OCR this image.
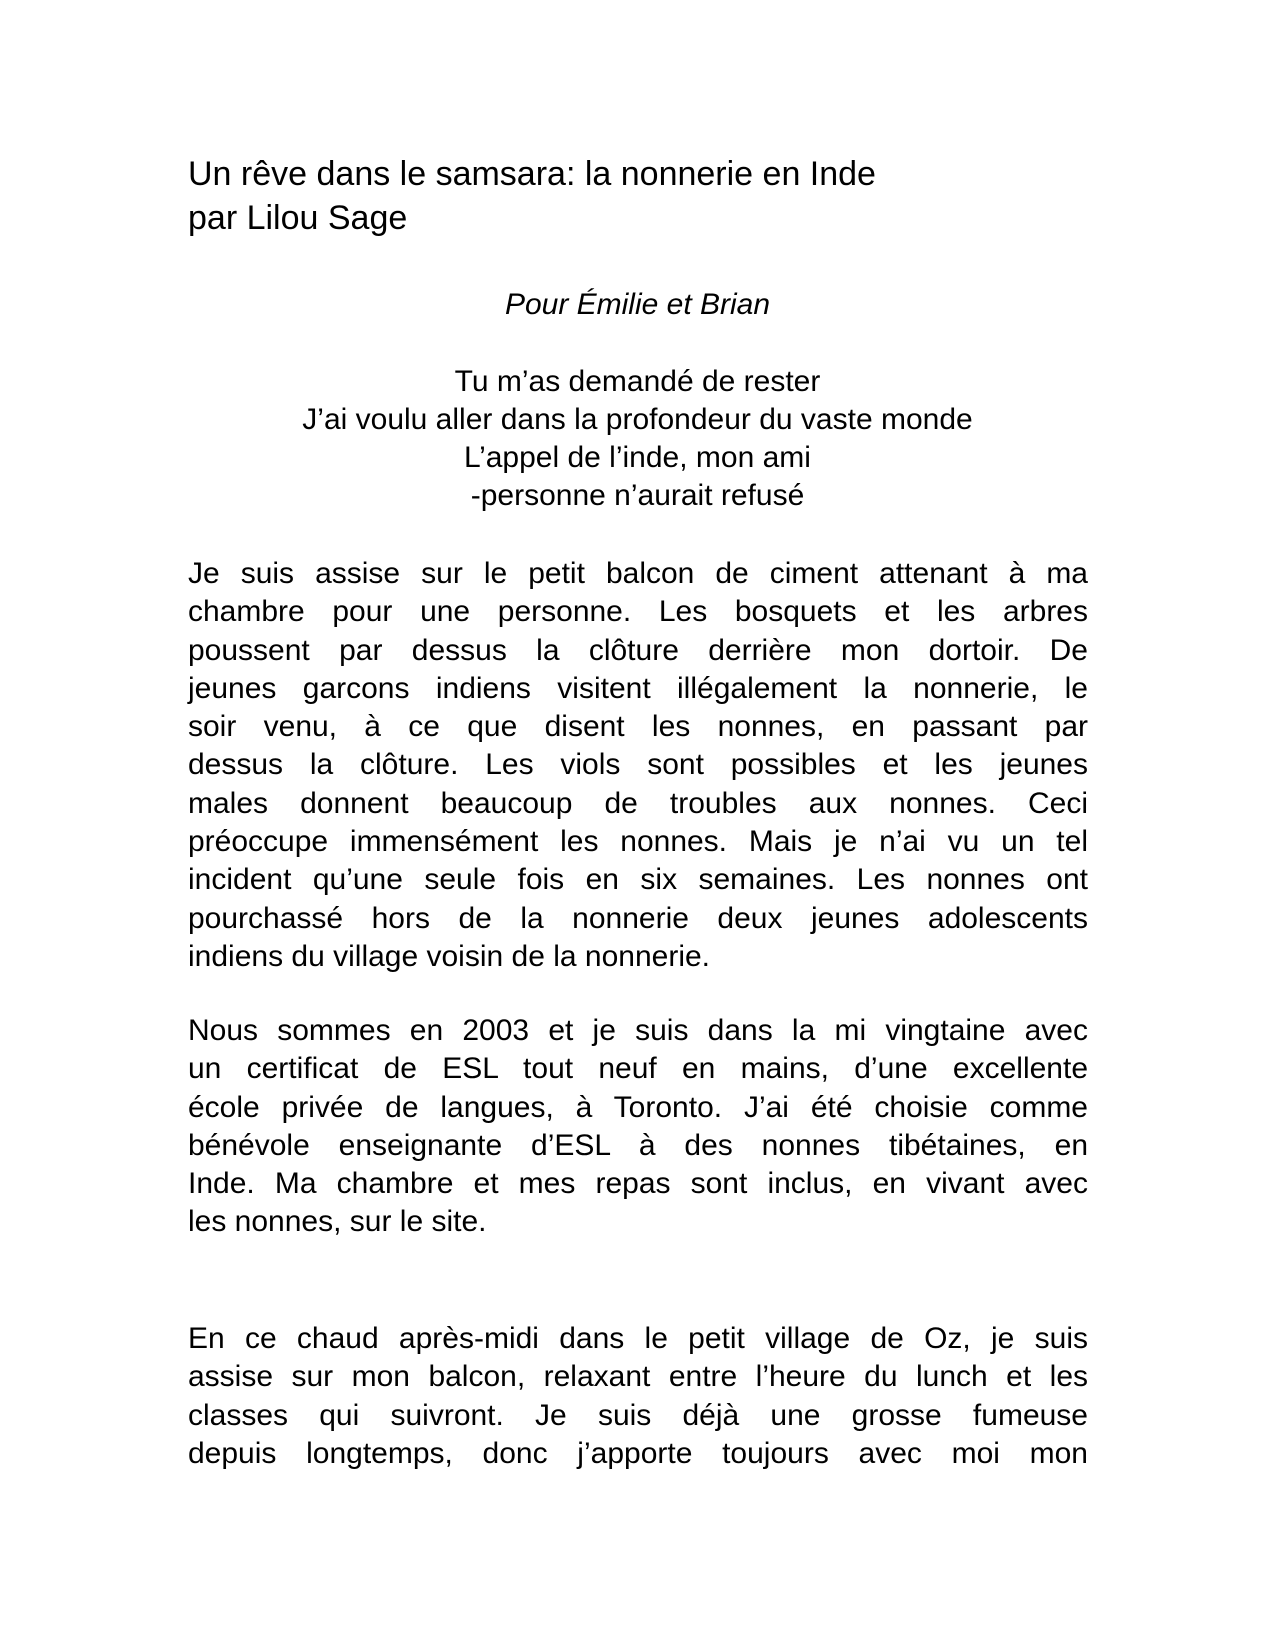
Un rêve dans le samsara: la nonnerie en Inde
par Lilou Sage
Pour Émilie et Brian
Tu m’as demandé de rester
J’ai voulu aller dans la profondeur du vaste monde
L’appel de l’inde, mon ami
-personne n’aurait refusé
Je suis assise sur le petit balcon de ciment attenant à ma
chambre pour une personne. Les bosquets et les arbres
poussent par dessus la clôture derrière mon dortoir. De
jeunes garcons indiens visitent illégalement la nonnerie, le
soir venu, à ce que disent les nonnes, en passant par
dessus la clôture. Les viols sont possibles et les jeunes
males donnent beaucoup de troubles aux nonnes. Ceci
préoccupe immensément les nonnes. Mais je n’ai vu un tel
incident qu’une seule fois en six semaines. Les nonnes ont
pourchassé hors de la nonnerie deux jeunes adolescents
indiens du village voisin de la nonnerie.
Nous sommes en 2003 et je suis dans la mi vingtaine avec
un certificat de ESL tout neuf en mains, d’une excellente
école privée de langues, à Toronto. J’ai été choisie comme
bénévole enseignante d’ESL à des nonnes tibétaines, en
Inde. Ma chambre et mes repas sont inclus, en vivant avec
les nonnes, sur le site.
En ce chaud après-midi dans le petit village de Oz, je suis
assise sur mon balcon, relaxant entre l’heure du lunch et les
classes qui suivront. Je suis déjà une grosse fumeuse
depuis longtemps, donc j’apporte toujours avec moi mon
